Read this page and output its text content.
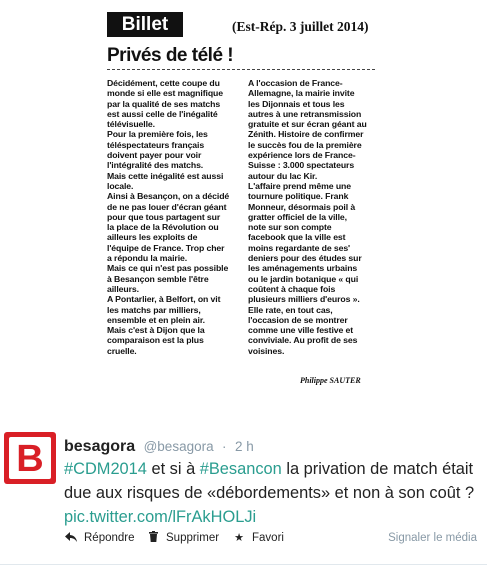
Billet	(Est-Rép. 3 juillet 2014)
Privés de télé !

Décidément, cette coupe du
monde si elle est magnifique
par la qualité de ses matchs
est aussi celle de l'inégalité
télévisuelle.

Pour la première fois, les
téléspectateurs français
doivent payer pour voir
l'intégralité des matchs.

Mais cette inégalité est aussi
locale.

Ainsi à Besançon, on a décidé
de ne pas louer d'écran géant
pour que tous partagent sur
la place de la Révolution ou
ailleurs les exploits de
l'équipe de France. Trop cher
a répondu la mairie.

Mais ce qui n'est pas possible
à Besançon semble l'être
ailleurs.

A Pontarlier, à Belfort, on vit
les matchs par milliers,
ensemble et en plein air.

Mais c'est à Dijon que la
comparaison est la plus
cruelle.

A l'occasion de France-
Allemagne, la mairie invite
les Dijonnais et tous les
autres à une retransmission
gratuite et sur écran géant au
Zénith. Histoire de confirmer
le succès fou de la première
expérience lors de France-
Suisse : 3.000 spectateurs
autour du lac Kir.

L'affaire prend même une
tournure politique. Frank
Monneur, désormais poil à
gratter officiel de la ville,
note sur son compte
facebook que la ville est
moins regardante de ses'
deniers pour des études sur
les aménagements urbains
ou le jardin botanique « qui
coûtent à chaque fois
plusieurs milliers d'euros ».

Elle rate, en tout cas,
l'occasion de se montrer
comme une ville festive et
conviviale. Au profit de ses
voisines.

Philippe SAUTER
B	besagora @besagora · 2 h
#CDM2014 et si à #Besancon la privation de match était due aux risques de «débordements» et non à son coût ?
pic.twitter.com/lFrAkHOLJi
Répondre	Supprimer ★ Favori	Signaler le média
